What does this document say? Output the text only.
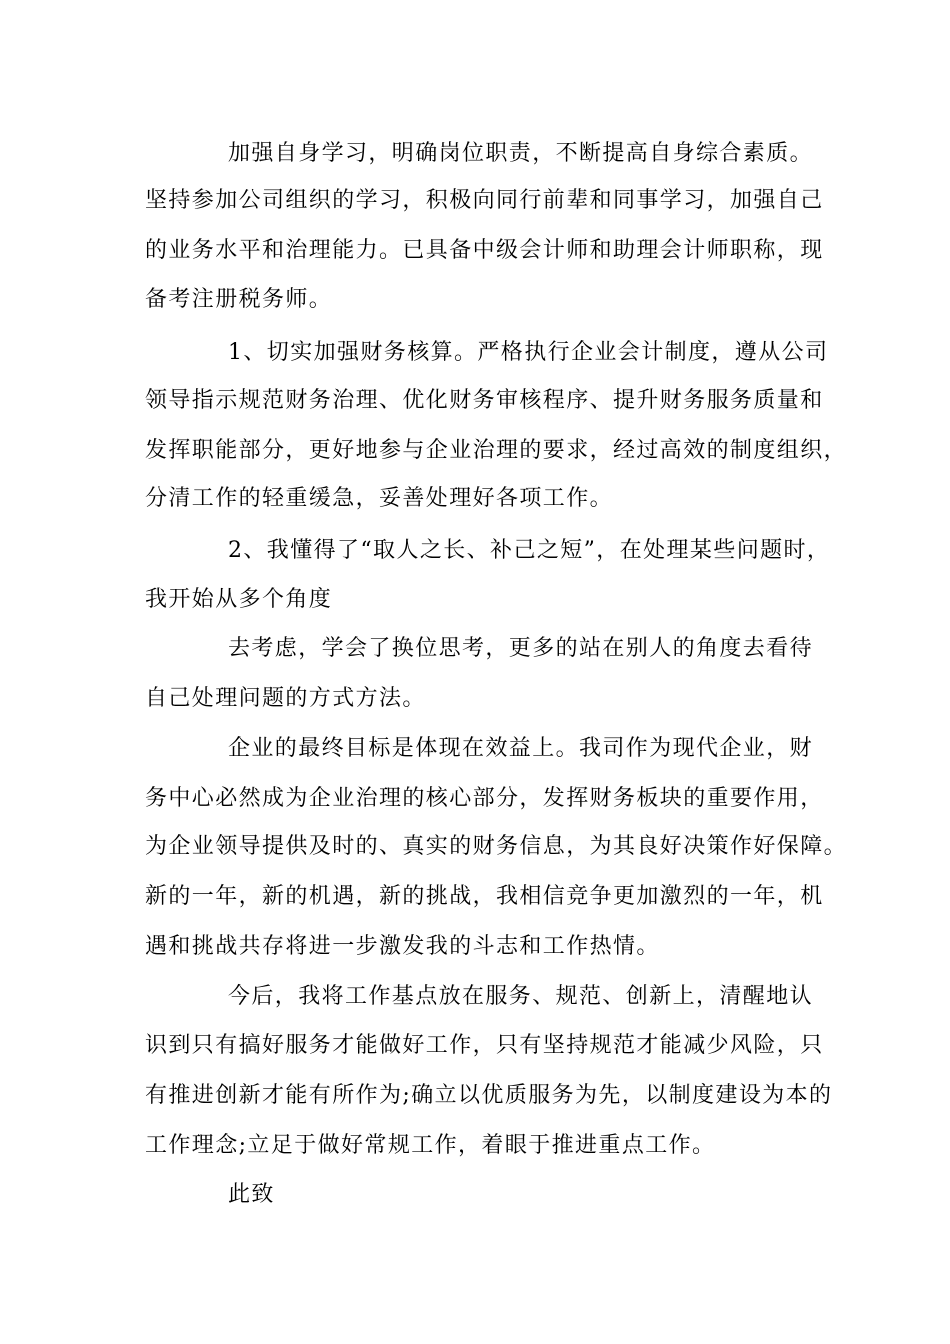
加强自身学习，明确岗位职责，不断提高自身综合素质。
坚持参加公司组织的学习，积极向同行前辈和同事学习，加强自己
的业务水平和治理能力。已具备中级会计师和助理会计师职称，现
备考注册税务师。
1、切实加强财务核算。严格执行企业会计制度，遵从公司
领导指示规范财务治理、优化财务审核程序、提升财务服务质量和
发挥职能部分，更好地参与企业治理的要求，经过高效的制度组织，
分清工作的轻重缓急，妥善处理好各项工作。
2、我懂得了“取人之长、补己之短”，在处理某些问题时，
我开始从多个角度
去考虑，学会了换位思考，更多的站在别人的角度去看待
自己处理问题的方式方法。
企业的最终目标是体现在效益上。我司作为现代企业，财
务中心必然成为企业治理的核心部分，发挥财务板块的重要作用，
为企业领导提供及时的、真实的财务信息，为其良好决策作好保障。
新的一年，新的机遇，新的挑战，我相信竞争更加激烈的一年，机
遇和挑战共存将进一步激发我的斗志和工作热情。
今后，我将工作基点放在服务、规范、创新上，清醒地认
识到只有搞好服务才能做好工作，只有坚持规范才能减少风险，只
有推进创新才能有所作为;确立以优质服务为先，以制度建设为本的
工作理念;立足于做好常规工作，着眼于推进重点工作。
此致
